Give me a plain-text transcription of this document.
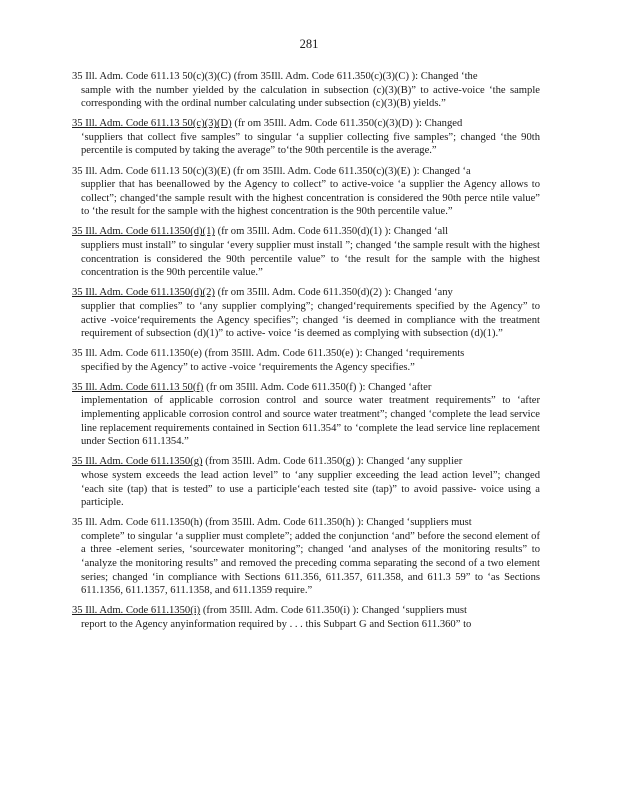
281
35 Ill. Adm. Code 611.13 50(c)(3)(C) (from 35Ill. Adm. Code 611.350(c)(3)(C) ): Changed ‘the
sample with the number yielded by the calculation in subsection (c)(3)(B)” to active-voice ‘the sample corresponding with the ordinal number calculating under subsection (c)(3)(B) yields.”
35 Ill. Adm. Code 611.13 50(c)(3)(D) (fr om 35Ill. Adm. Code 611.350(c)(3)(D) ): Changed
‘suppliers that collect five samples” to singular ‘a supplier collecting five samples”; changed ‘the 90th percentile is computed by taking the average” to‘the 90th percentile is the average.”
35 Ill. Adm. Code 611.13 50(c)(3)(E) (fr om 35Ill. Adm. Code 611.350(c)(3)(E) ): Changed ‘a
supplier that has beenallowed by the Agency to collect” to active-voice ‘a supplier the Agency allows to collect”; changed‘the sample result with the highest concentration is considered the 90th perce ntile value” to ‘the result for the sample with the highest concentration is the 90th percentile value.”
35 Ill. Adm. Code 611.1350(d)(1) (fr om 35Ill. Adm. Code 611.350(d)(1) ): Changed ‘all
suppliers must install” to singular ‘every supplier must install ”; changed ‘the sample result with the highest concentration is considered the 90th percentile value” to ‘the result for the sample with the highest concentration is the 90th percentile value.”
35 Ill. Adm. Code 611.1350(d)(2) (fr om 35Ill. Adm. Code 611.350(d)(2) ): Changed ‘any
supplier that complies” to ‘any supplier complying”; changed‘requirements specified by the Agency” to active -voice‘requirements the Agency specifies”; changed ‘is deemed in compliance with the treatment requirement of subsection (d)(1)” to active- voice ‘is deemed as complying with subsection (d)(1).”
35 Ill. Adm. Code 611.1350(e) (from 35Ill. Adm. Code 611.350(e) ): Changed ‘requirements
specified by the Agency” to active -voice ‘requirements the Agency specifies.”
35 Ill. Adm. Code 611.13 50(f) (fr om 35Ill. Adm. Code 611.350(f) ): Changed ‘after
implementation of applicable corrosion control and source water treatment requirements” to ‘after implementing applicable corrosion control and source water treatment”; changed ‘complete the lead service line replacement requirements contained in Section 611.354” to ‘complete the lead service line replacement under Section 611.1354.”
35 Ill. Adm. Code 611.1350(g) (from 35Ill. Adm. Code 611.350(g) ): Changed ‘any supplier
whose system exceeds the lead action level” to ‘any supplier exceeding the lead action level”; changed ‘each site (tap) that is tested” to use a participle‘each tested site (tap)” to avoid passive- voice using a participle.
35 Ill. Adm. Code 611.1350(h) (from 35Ill. Adm. Code 611.350(h) ): Changed ‘suppliers must
complete” to singular ‘a supplier must complete”; added the conjunction ‘and” before the second element of a three -element series, ‘sourcewater monitoring”; changed ‘and analyses of the monitoring results” to ‘analyze the monitoring results” and removed the preceding comma separating the second of a two element series; changed ‘in compliance with Sections 611.356, 611.357, 611.358, and 611.3 59” to ‘as Sections 611.1356, 611.1357, 611.1358, and 611.1359 require.”
35 Ill. Adm. Code 611.1350(i) (from 35Ill. Adm. Code 611.350(i) ): Changed ‘suppliers must
report to the Agency anyinformation required by . . . this Subpart G and Section 611.360” to
